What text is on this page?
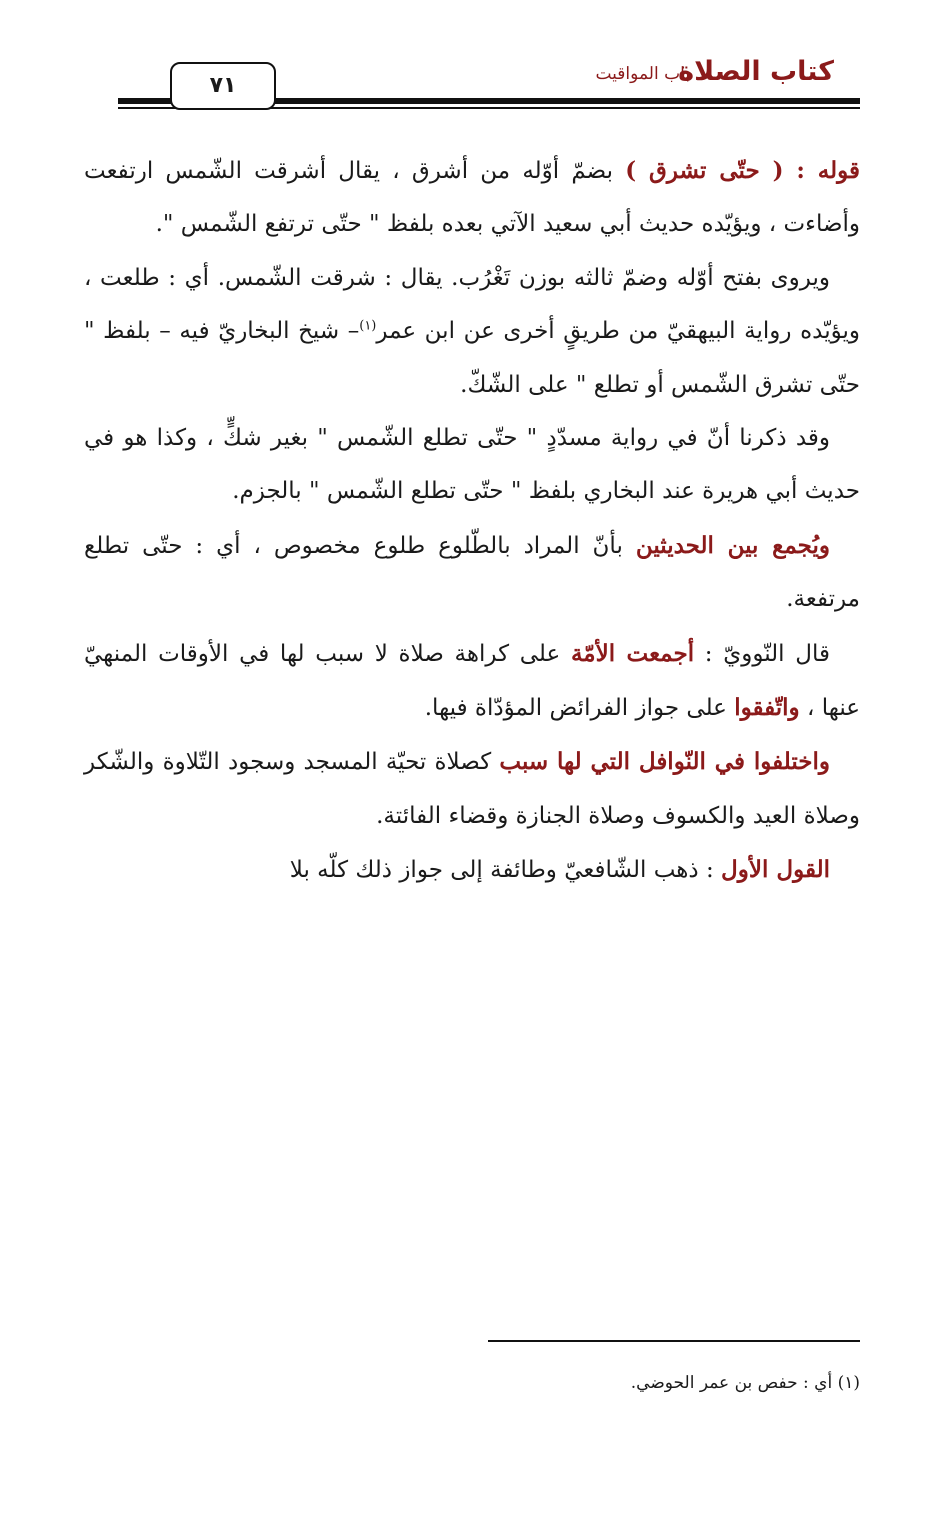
كتاب الصلاة
باب المواقيت
٧١

قوله : ( حتّى تشرق ) بضمّ أوّله من أشرق ، يقال أشرقت الشّمس ارتفعت وأضاءت ، ويؤيّده حديث أبي سعيد الآتي بعده بلفظ " حتّى ترتفع الشّمس ".

ويروى بفتح أوّله وضمّ ثالثه بوزن تَغْرُب. يقال : شرقت الشّمس. أي : طلعت ، ويؤيّده رواية البيهقيّ من طريقٍ أخرى عن ابن عمر$^{(١)}$– شيخ البخاريّ فيه – بلفظ " حتّى تشرق الشّمس أو تطلع " على الشّكّ.

وقد ذكرنا أنّ في رواية مسدّدٍ " حتّى تطلع الشّمس " بغير شكٍّ ، وكذا هو في حديث أبي هريرة عند البخاري بلفظ " حتّى تطلع الشّمس " بالجزم.

ويُجمع بين الحديثين بأنّ المراد بالطّلوع طلوع مخصوص ، أي : حتّى تطلع مرتفعة.

قال النّوويّ : أجمعت الأمّة على كراهة صلاة لا سبب لها في الأوقات المنهيّ عنها ، واتّفقوا على جواز الفرائض المؤدّاة فيها.

واختلفوا في النّوافل التي لها سبب كصلاة تحيّة المسجد وسجود التّلاوة والشّكر وصلاة العيد والكسوف وصلاة الجنازة وقضاء الفائتة.

القول الأول : ذهب الشّافعيّ وطائفة إلى جواز ذلك كلّه بلا

(١) أي : حفص بن عمر الحوضي.
